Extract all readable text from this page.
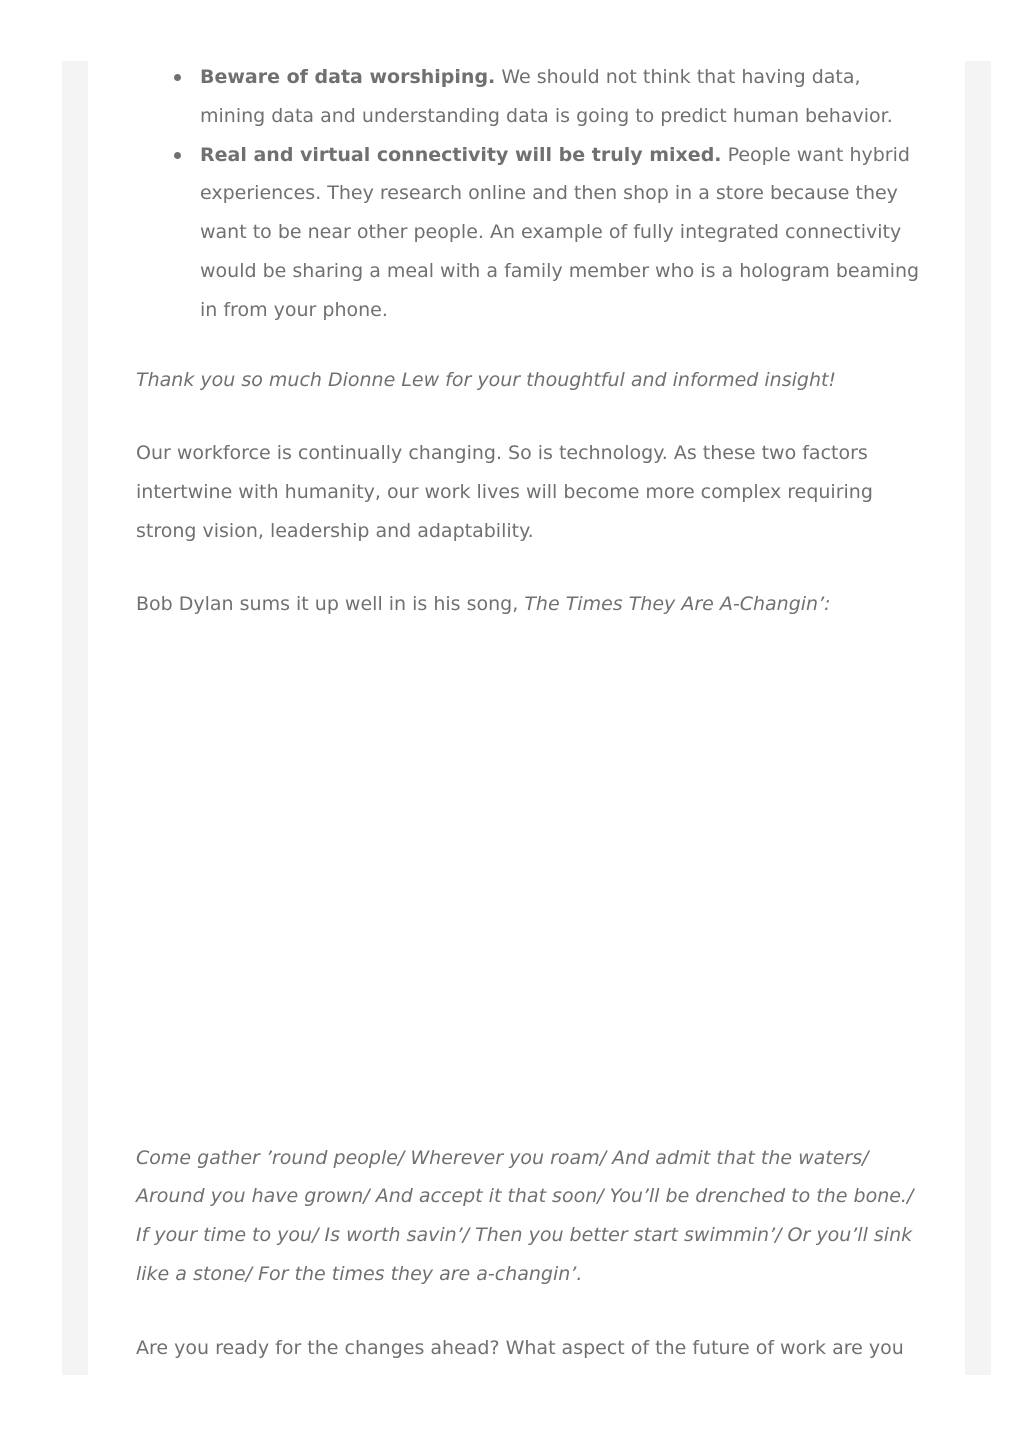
Beware of data worshiping. We should not think that having data, mining data and understanding data is going to predict human behavior.
Real and virtual connectivity will be truly mixed. People want hybrid experiences. They research online and then shop in a store because they want to be near other people. An example of fully integrated connectivity would be sharing a meal with a family member who is a hologram beaming in from your phone.

Thank you so much Dionne Lew for your thoughtful and informed insight!

Our workforce is continually changing. So is technology. As these two factors intertwine with humanity, our work lives will become more complex requiring strong vision, leadership and adaptability.

Bob Dylan sums it up well in is his song, The Times They Are A-Changin’:

Come gather ’round people/ Wherever you roam/ And admit that the waters/ Around you have grown/ And accept it that soon/ You’ll be drenched to the bone./ If your time to you/ Is worth savin’/ Then you better start swimmin’/ Or you’ll sink like a stone/ For the times they are a-changin’.

Are you ready for the changes ahead? What aspect of the future of work are you
